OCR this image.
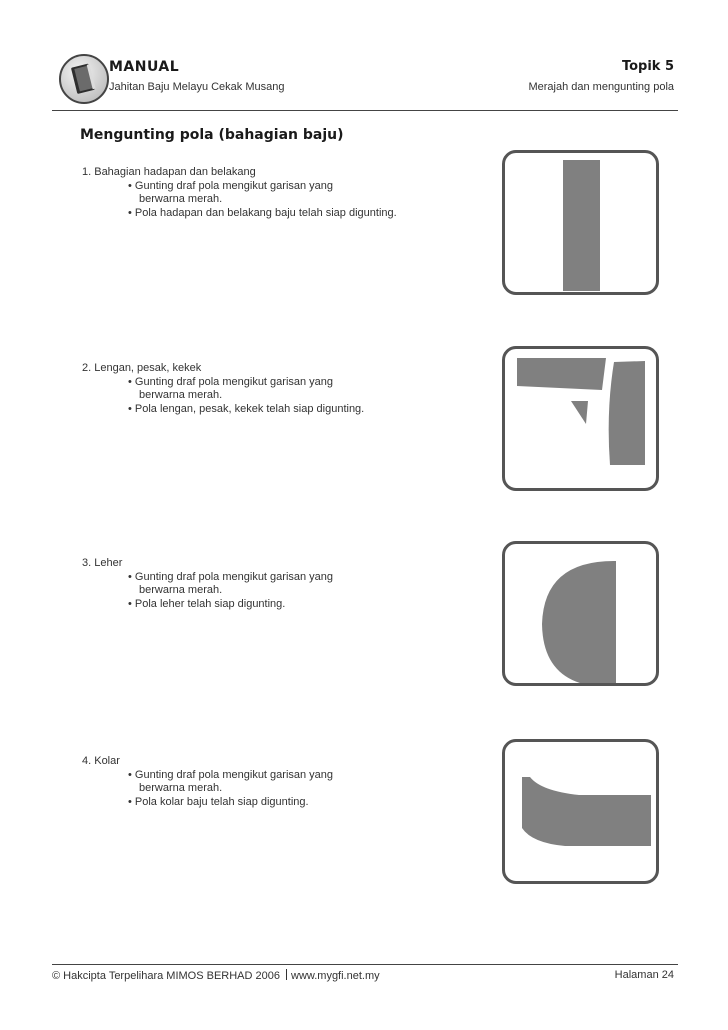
MANUAL
Jahitan Baju Melayu Cekak Musang
Topik 5
Merajah dan mengunting pola
Mengunting pola (bahagian baju)
1. Bahagian hadapan dan belakang
• Gunting draf pola mengikut garisan yang
berwarna merah.
• Pola hadapan dan belakang baju telah siap digunting.
2. Lengan, pesak, kekek
• Gunting draf pola mengikut garisan yang
berwarna merah.
• Pola lengan, pesak, kekek telah siap digunting.
3. Leher
• Gunting draf pola mengikut garisan yang
berwarna merah.
• Pola leher telah siap digunting.
4. Kolar
• Gunting draf pola mengikut garisan yang
berwarna merah.
• Pola kolar baju telah siap digunting.
© Hakcipta Terpelihara MIMOS BERHAD 2006 www.mygfi.net.my	Halaman 24
